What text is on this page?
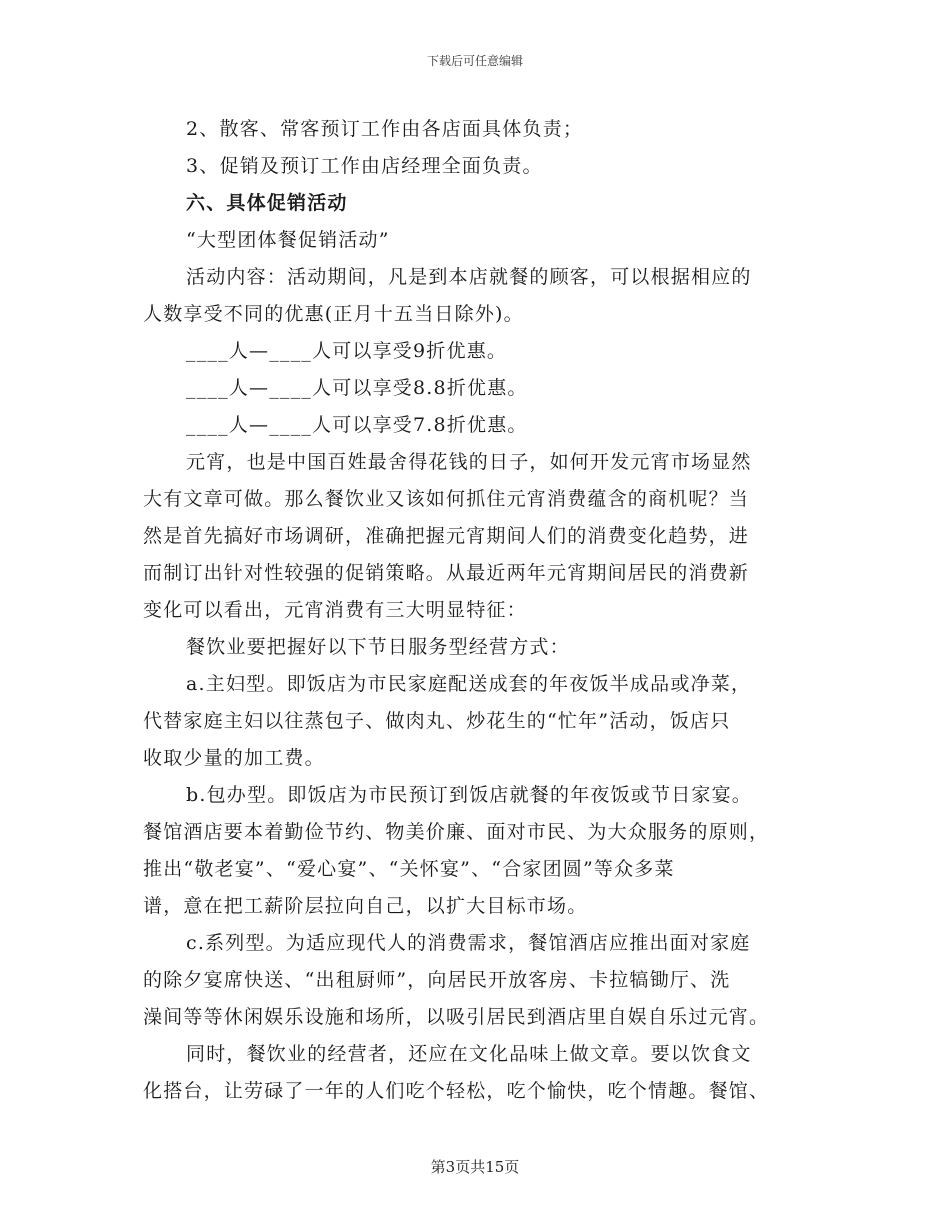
下载后可任意编辑
2、散客、常客预订工作由各店面具体负责；
3、促销及预订工作由店经理全面负责。
六、具体促销活动
“大型团体餐促销活动”
活动内容：活动期间，凡是到本店就餐的顾客，可以根据相应的
人数享受不同的优惠(正月十五当日除外)。
____人—____人可以享受9折优惠。
____人—____人可以享受8.8折优惠。
____人—____人可以享受7.8折优惠。
元宵，也是中国百姓最舍得花钱的日子，如何开发元宵市场显然
大有文章可做。那么餐饮业又该如何抓住元宵消费蕴含的商机呢？当
然是首先搞好市场调研，准确把握元宵期间人们的消费变化趋势，进
而制订出针对性较强的促销策略。从最近两年元宵期间居民的消费新
变化可以看出，元宵消费有三大明显特征：
餐饮业要把握好以下节日服务型经营方式：
a.主妇型。即饭店为市民家庭配送成套的年夜饭半成品或净菜，
代替家庭主妇以往蒸包子、做肉丸、炒花生的“忙年”活动，饭店只
收取少量的加工费。
b.包办型。即饭店为市民预订到饭店就餐的年夜饭或节日家宴。
餐馆酒店要本着勤俭节约、物美价廉、面对市民、为大众服务的原则，
推出“敬老宴”、“爱心宴”、“关怀宴”、“合家团圆”等众多菜
谱，意在把工薪阶层拉向自己，以扩大目标市场。
c.系列型。为适应现代人的消费需求，餐馆酒店应推出面对家庭
的除夕宴席快送、“出租厨师”，向居民开放客房、卡拉犒锄厅、洗
澡间等等休闲娱乐设施和场所，以吸引居民到酒店里自娱自乐过元宵。
同时，餐饮业的经营者，还应在文化品味上做文章。要以饮食文
化搭台，让劳碌了一年的人们吃个轻松，吃个愉快，吃个情趣。餐馆、
第3页共15页
